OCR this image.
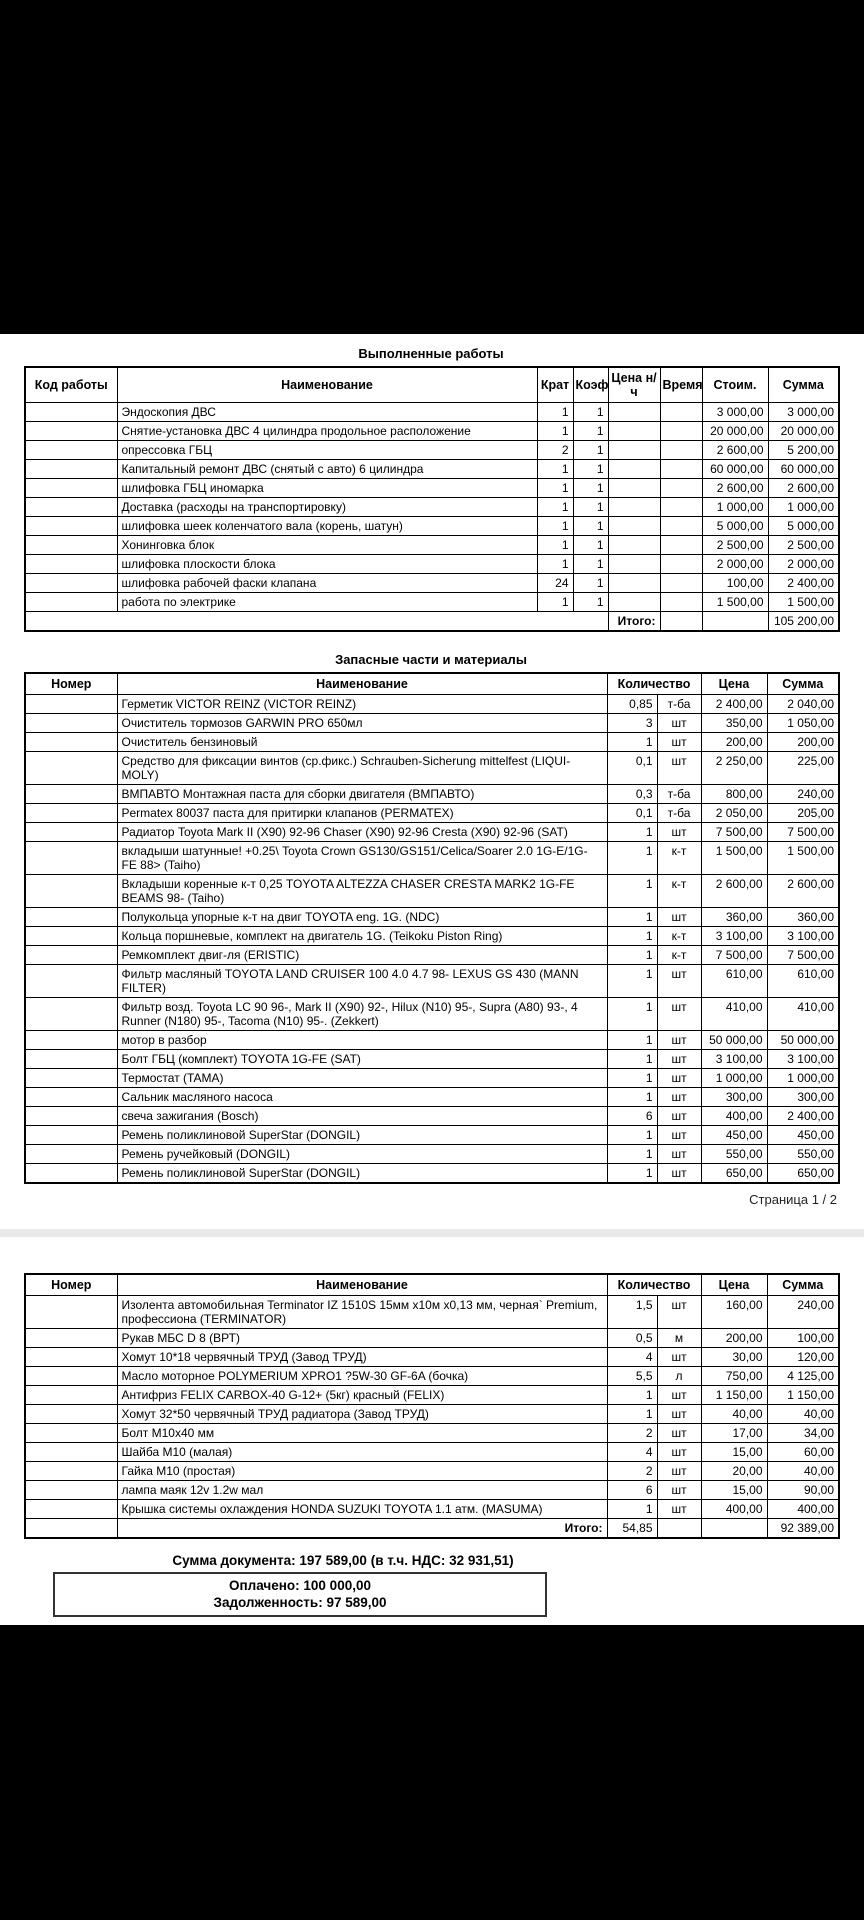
Выполненные работы
Код работы	Наименование	Крат	Коэф	Цена н/ч	Время	Стоим.	Сумма
	Эндоскопия ДВС	1	1			3 000,00	3 000,00
	Снятие-установка ДВС 4 цилиндра продольное расположение	1	1			20 000,00	20 000,00
	опрессовка ГБЦ	2	1			2 600,00	5 200,00
	Капитальный ремонт ДВС (снятый с авто) 6 цилиндра	1	1			60 000,00	60 000,00
	шлифовка ГБЦ иномарка	1	1			2 600,00	2 600,00
	Доставка (расходы на транспортировку)	1	1			1 000,00	1 000,00
	шлифовка шеек коленчатого вала (корень, шатун)	1	1			5 000,00	5 000,00
	Хонинговка блок	1	1			2 500,00	2 500,00
	шлифовка плоскости блока	1	1			2 000,00	2 000,00
	шлифовка рабочей фаски клапана	24	1			100,00	2 400,00
	работа по электрике	1	1			1 500,00	1 500,00
				Итого:			105 200,00
Запасные части и материалы
Номер	Наименование	Количество		Цена	Сумма
	Герметик VICTOR REINZ (VICTOR REINZ)	0,85	т-ба	2 400,00	2 040,00
	Очиститель тормозов GARWIN PRO 650мл	3	шт	350,00	1 050,00
	Очиститель бензиновый	1	шт	200,00	200,00
	Средство для фиксации винтов (ср.фикс.) Schrauben-Sicherung mittelfest (LIQUI-MOLY)	0,1	шт	2 250,00	225,00
	ВМПАВТО Монтажная паста для сборки двигателя (ВМПАВТО)	0,3	т-ба	800,00	240,00
	Permatex 80037 паста для притирки клапанов (PERMATEX)	0,1	т-ба	2 050,00	205,00
	Радиатор Toyota Mark II (X90) 92-96 Chaser (X90) 92-96 Cresta (X90) 92-96 (SAT)	1	шт	7 500,00	7 500,00
	вкладыши шатунные! +0.25\ Toyota Crown GS130/GS151/Celica/Soarer 2.0 1G-E/1G-FE 88> (Taiho)	1	к-т	1 500,00	1 500,00
	Вкладыши коренные к-т 0,25 TOYOTA ALTEZZA CHASER CRESTA MARK2 1G-FE BEAMS 98- (Taiho)	1	к-т	2 600,00	2 600,00
	Полукольца упорные к-т на двиг TOYOTA eng. 1G. (NDC)	1	шт	360,00	360,00
	Кольца поршневые, комплект на двигатель 1G. (Teikoku Piston Ring)	1	к-т	3 100,00	3 100,00
	Ремкомплект двиг-ля (ERISTIC)	1	к-т	7 500,00	7 500,00
	Фильтр масляный TOYOTA LAND CRUISER 100 4.0 4.7 98- LEXUS GS 430 (MANN FILTER)	1	шт	610,00	610,00
	Фильтр возд. Toyota LC 90 96-, Mark II (X90) 92-, Hilux (N10) 95-, Supra (A80) 93-, 4 Runner (N180) 95-, Tacoma (N10) 95-. (Zekkert)	1	шт	410,00	410,00
	мотор в разбор	1	шт	50 000,00	50 000,00
	Болт ГБЦ (комплект) TOYOTA 1G-FE (SAT)	1	шт	3 100,00	3 100,00
	Термостат (TAMA)	1	шт	1 000,00	1 000,00
	Сальник масляного насоса	1	шт	300,00	300,00
	свеча зажигания (Bosch)	6	шт	400,00	2 400,00
	Ремень поликлиновой SuperStar (DONGIL)	1	шт	450,00	450,00
	Ремень ручейковый (DONGIL)	1	шт	550,00	550,00
	Ремень поликлиновой SuperStar (DONGIL)	1	шт	650,00	650,00
Страница 1 / 2
Номер	Наименование	Количество		Цена	Сумма
	Изолента автомобильная Terminator IZ 1510S 15мм х10м х0,13 мм, черная` Premium, профессиона (TERMINATOR)	1,5	шт	160,00	240,00
	Рукав МБС D 8 (ВРТ)	0,5	м	200,00	100,00
	Хомут 10*18 червячный ТРУД (Завод ТРУД)	4	шт	30,00	120,00
	Масло моторное POLYMERIUM XPRO1 ?5W-30 GF-6A (бочка)	5,5	л	750,00	4 125,00
	Антифриз FELIX CARBOX-40 G-12+ (5кг) красный (FELIX)	1	шт	1 150,00	1 150,00
	Хомут 32*50 червячный ТРУД радиатора (Завод ТРУД)	1	шт	40,00	40,00
	Болт М10х40 мм	2	шт	17,00	34,00
	Шайба М10 (малая)	4	шт	15,00	60,00
	Гайка М10 (простая)	2	шт	20,00	40,00
	лампа маяк 12v 1.2w мал	6	шт	15,00	90,00
	Крышка системы охлаждения HONDA SUZUKI TOYOTA 1.1 атм. (MASUMA)	1	шт	400,00	400,00
	Итого:	54,85			92 389,00
Сумма документа: 197 589,00 (в т.ч. НДС: 32 931,51)
Оплачено: 100 000,00
Задолженность: 97 589,00
